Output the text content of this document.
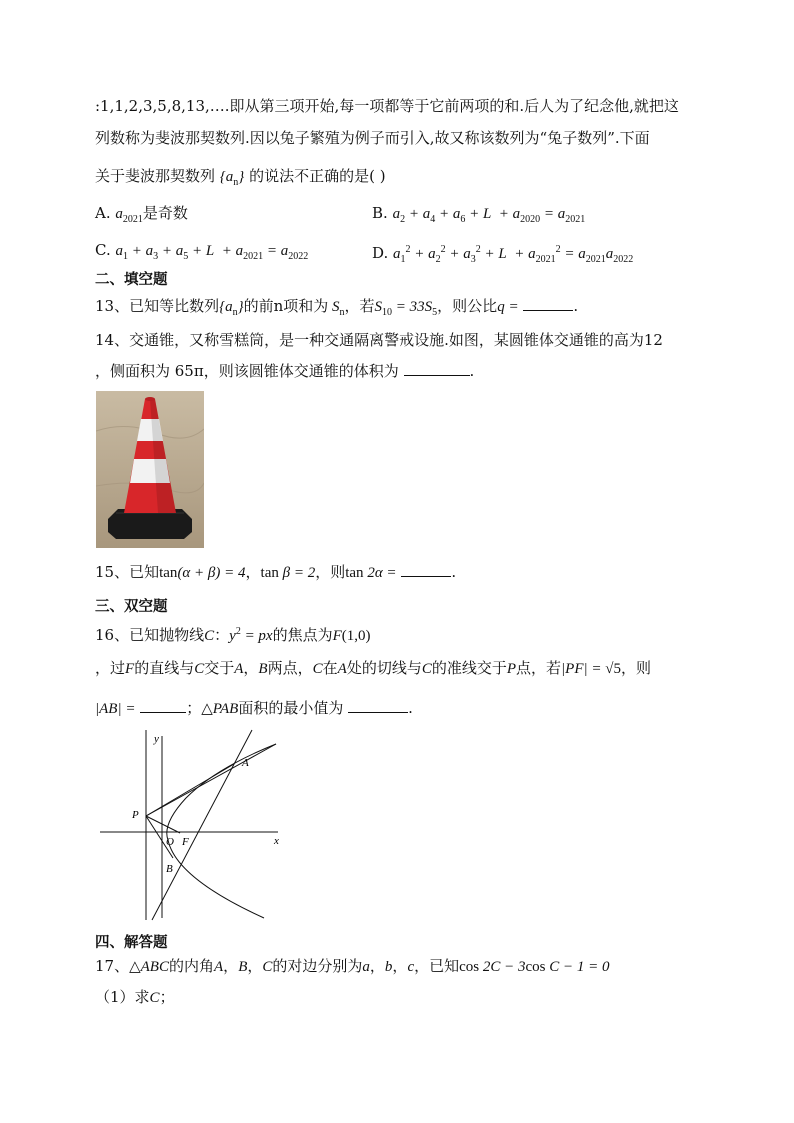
:1,1,2,3,5,8,13,….即从第三项开始,每一项都等于它前两项的和.后人为了纪念他,就把这
列数称为斐波那契数列.因以兔子繁殖为例子而引入,故又称该数列为“兔子数列”.下面
关于斐波那契数列 $\{a_n\}$ 的说法不正确的是( )
A. $a_{2021}$是奇数	B. $a_2 + a_4 + a_6 + L + a_{2020} = a_{2021}$
C. $a_1 + a_3 + a_5 + L + a_{2021} = a_{2022}$	D. $a_1^2 + a_2^2 + a_3^2 + L + a_{2021}^2 = a_{2021}a_{2022}$
二、填空题
13、已知等比数列$\{a_n\}$的前n项和为 $S_n$，若$S_{10} = 33S_5$，则公比q =	.
14、交通锥，又称雪糕筒，是一种交通隔离警戒设施.如图，某圆锥体交通锥的高为12
，侧面积为 65π，则该圆锥体交通锥的体积为	.
15、已知tan(α + β) = 4，tan β = 2，则tan 2α =	.
三、双空题
16、已知抛物线C：$y^2$ = px的焦点为F(1,0)
，过F的直线与C交于A，B两点，C在A处的切线与C的准线交于P点，若|PF| = √5，则
|AB| =	；△PAB面积的最小值为	.
y
x
P
O F
A
B
四、解答题
17、△ABC的内角A，B，C的对边分别为a，b，c，已知cos 2C − 3cos C − 1 = 0
（1）求C；
